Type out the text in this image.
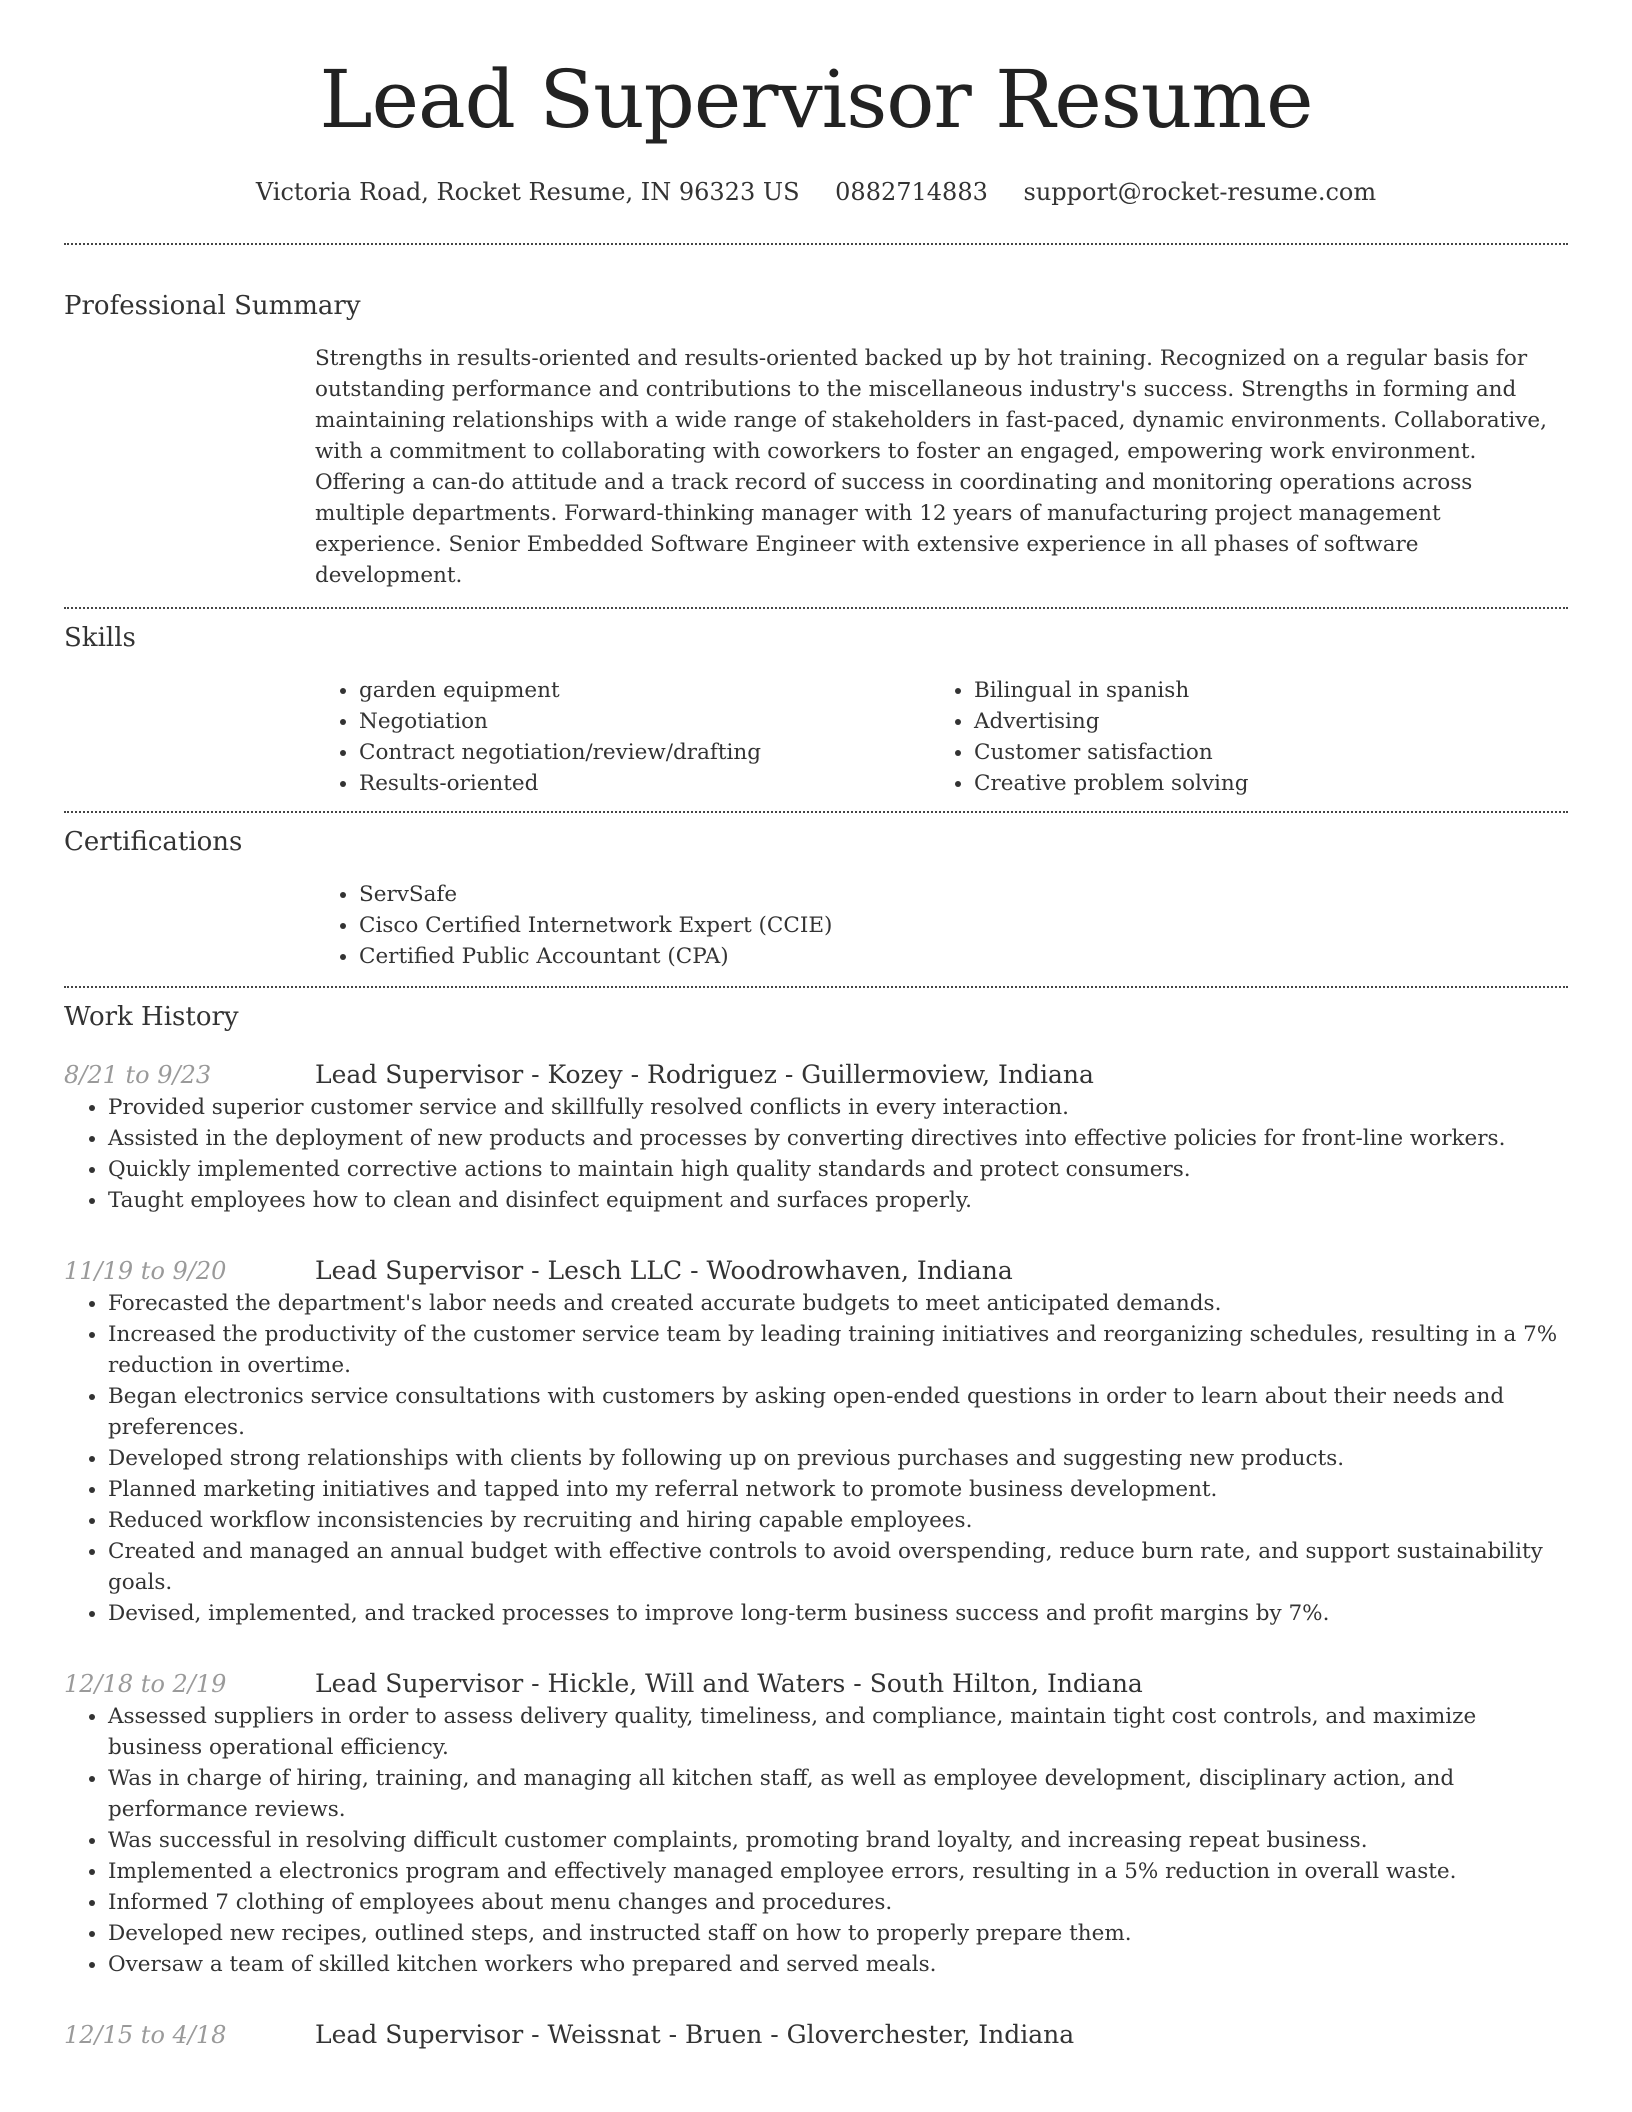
Lead Supervisor Resume
Victoria Road, Rocket Resume, IN 96323 US 0882714883 support@rocket-resume.com
Professional Summary
Strengths in results-oriented and results-oriented backed up by hot training. Recognized on a regular basis for outstanding performance and contributions to the miscellaneous industry's success. Strengths in forming and maintaining relationships with a wide range of stakeholders in fast-paced, dynamic environments. Collaborative, with a commitment to collaborating with coworkers to foster an engaged, empowering work environment. Offering a can-do attitude and a track record of success in coordinating and monitoring operations across multiple departments. Forward-thinking manager with 12 years of manufacturing project management experience. Senior Embedded Software Engineer with extensive experience in all phases of software development.
Skills
• garden equipment
• Negotiation
• Contract negotiation/review/drafting
• Results-oriented
• Bilingual in spanish
• Advertising
• Customer satisfaction
• Creative problem solving
Certifications
• ServSafe
• Cisco Certified Internetwork Expert (CCIE)
• Certified Public Accountant (CPA)
Work History
8/21 to 9/23	Lead Supervisor - Kozey - Rodriguez - Guillermoview, Indiana
• Provided superior customer service and skillfully resolved conflicts in every interaction.
• Assisted in the deployment of new products and processes by converting directives into effective policies for front-line workers.
• Quickly implemented corrective actions to maintain high quality standards and protect consumers.
• Taught employees how to clean and disinfect equipment and surfaces properly.
11/19 to 9/20	Lead Supervisor - Lesch LLC - Woodrowhaven, Indiana
• Forecasted the department's labor needs and created accurate budgets to meet anticipated demands.
• Increased the productivity of the customer service team by leading training initiatives and reorganizing schedules, resulting in a 7% reduction in overtime.
• Began electronics service consultations with customers by asking open-ended questions in order to learn about their needs and preferences.
• Developed strong relationships with clients by following up on previous purchases and suggesting new products.
• Planned marketing initiatives and tapped into my referral network to promote business development.
• Reduced workflow inconsistencies by recruiting and hiring capable employees.
• Created and managed an annual budget with effective controls to avoid overspending, reduce burn rate, and support sustainability goals.
• Devised, implemented, and tracked processes to improve long-term business success and profit margins by 7%.
12/18 to 2/19	Lead Supervisor - Hickle, Will and Waters - South Hilton, Indiana
• Assessed suppliers in order to assess delivery quality, timeliness, and compliance, maintain tight cost controls, and maximize business operational efficiency.
• Was in charge of hiring, training, and managing all kitchen staff, as well as employee development, disciplinary action, and performance reviews.
• Was successful in resolving difficult customer complaints, promoting brand loyalty, and increasing repeat business.
• Implemented a electronics program and effectively managed employee errors, resulting in a 5% reduction in overall waste.
• Informed 7 clothing of employees about menu changes and procedures.
• Developed new recipes, outlined steps, and instructed staff on how to properly prepare them.
• Oversaw a team of skilled kitchen workers who prepared and served meals.
12/15 to 4/18	Lead Supervisor - Weissnat - Bruen - Gloverchester, Indiana
